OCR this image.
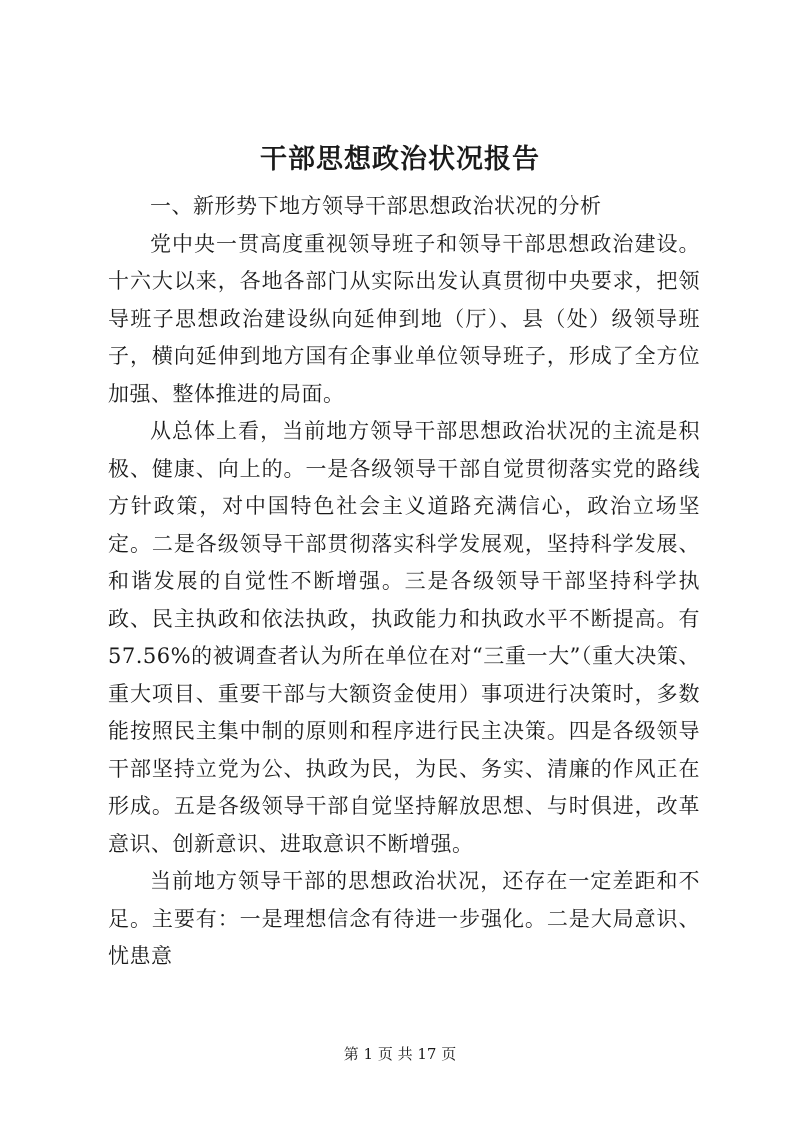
干部思想政治状况报告

一、新形势下地方领导干部思想政治状况的分析

党中央一贯高度重视领导班子和领导干部思想政治建设。十六大以来，各地各部门从实际出发认真贯彻中央要求，把领导班子思想政治建设纵向延伸到地（厅）、县（处）级领导班子，横向延伸到地方国有企事业单位领导班子，形成了全方位加强、整体推进的局面。

从总体上看，当前地方领导干部思想政治状况的主流是积极、健康、向上的。一是各级领导干部自觉贯彻落实党的路线方针政策，对中国特色社会主义道路充满信心，政治立场坚定。二是各级领导干部贯彻落实科学发展观，坚持科学发展、和谐发展的自觉性不断增强。三是各级领导干部坚持科学执政、民主执政和依法执政，执政能力和执政水平不断提高。有57.56%的被调查者认为所在单位在对“三重一大”（重大决策、重大项目、重要干部与大额资金使用）事项进行决策时，多数能按照民主集中制的原则和程序进行民主决策。四是各级领导干部坚持立党为公、执政为民，为民、务实、清廉的作风正在形成。五是各级领导干部自觉坚持解放思想、与时俱进，改革意识、创新意识、进取意识不断增强。

当前地方领导干部的思想政治状况，还存在一定差距和不足。主要有：一是理想信念有待进一步强化。二是大局意识、忧患意

第 1 页 共 17 页
